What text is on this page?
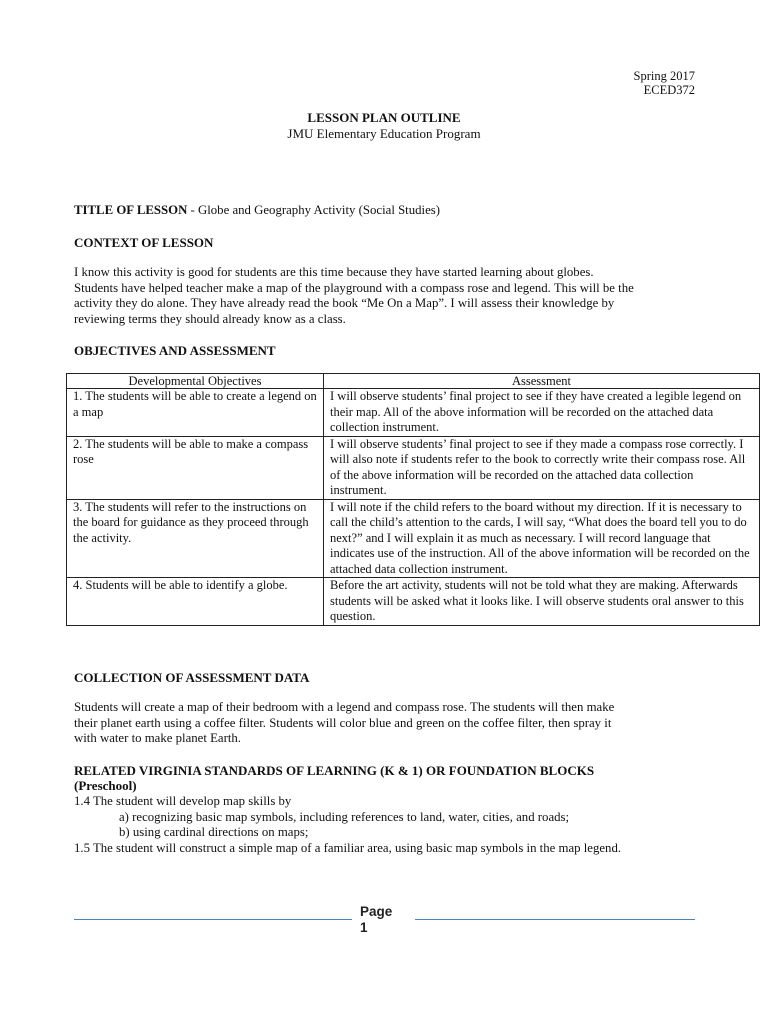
Spring 2017
ECED372
LESSON PLAN OUTLINE
JMU Elementary Education Program
TITLE OF LESSON - Globe and Geography Activity (Social Studies)
CONTEXT OF LESSON

I know this activity is good for students are this time because they have started learning about globes.

Students have helped teacher make a map of the playground with a compass rose and legend. This will be the

activity they do alone. They have already read the book “Me On a Map”. I will assess their knowledge by

reviewing terms they should already know as a class.

OBJECTIVES AND ASSESSMENT
Developmental Objectives	Assessment
1. The students will be able to create a legend on a map	I will observe students’ final project to see if they have created a legible legend on their map. All of the above information will be recorded on the attached data collection instrument.
2. The students will be able to make a compass rose	I will observe students’ final project to see if they made a compass rose correctly. I will also note if students refer to the book to correctly write their compass rose. All of the above information will be recorded on the attached data collection instrument.
3. The students will refer to the instructions on the board for guidance as they proceed through the activity.	I will note if the child refers to the board without my direction. If it is necessary to call the child’s attention to the cards, I will say, “What does the board tell you to do next?” and I will explain it as much as necessary. I will record language that indicates use of the instruction. All of the above information will be recorded on the attached data collection instrument.
4. Students will be able to identify a globe.	Before the art activity, students will not be told what they are making. Afterwards students will be asked what it looks like. I will observe students oral answer to this question.
COLLECTION OF ASSESSMENT DATA

Students will create a map of their bedroom with a legend and compass rose. The students will then make

their planet earth using a coffee filter. Students will color blue and green on the coffee filter, then spray it

with water to make planet Earth.

RELATED VIRGINIA STANDARDS OF LEARNING (K & 1) OR FOUNDATION BLOCKS
(Preschool)
1.4 The student will develop map skills by
a) recognizing basic map symbols, including references to land, water, cities, and roads;
b) using cardinal directions on maps;
1.5 The student will construct a simple map of a familiar area, using basic map symbols in the map legend.
Page
1
